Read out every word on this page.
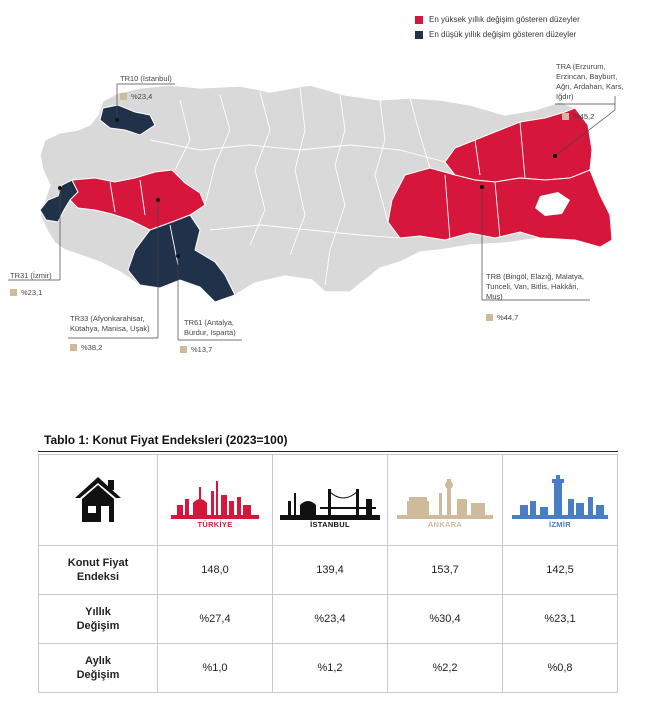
En yüksek yıllık değişim gösteren düzeyler
En düşük yıllık değişim gösteren düzeyler
TR10 (İstanbul)
%23,4
TRA (Erzurum,
Erzincan, Bayburt,
Ağrı, Ardahan, Kars,
Iğdır)
%45,2
TR31 (İzmir)
%23,1
TR33 (Afyonkarahisar,
Kütahya, Manisa, Uşak)
%38,2
TR61 (Antalya,
Burdur, Isparta)
%13,7
TRB (Bingöl, Elazığ, Malatya,
Tunceli, Van, Bitlis, Hakkâri,
Muş)
%44,7
Tablo 1: Konut Fiyat Endeksleri (2023=100)

TÜRKİYE	İSTANBUL	ANKARA	İZMİR

Konut Fiyat
Endeksi	148,0	139,4	153,7	142,5

Yıllık
Değişim	%27,4	%23,4	%30,4	%23,1

Aylık
Değişim	%1,0	%1,2	%2,2	%0,8
